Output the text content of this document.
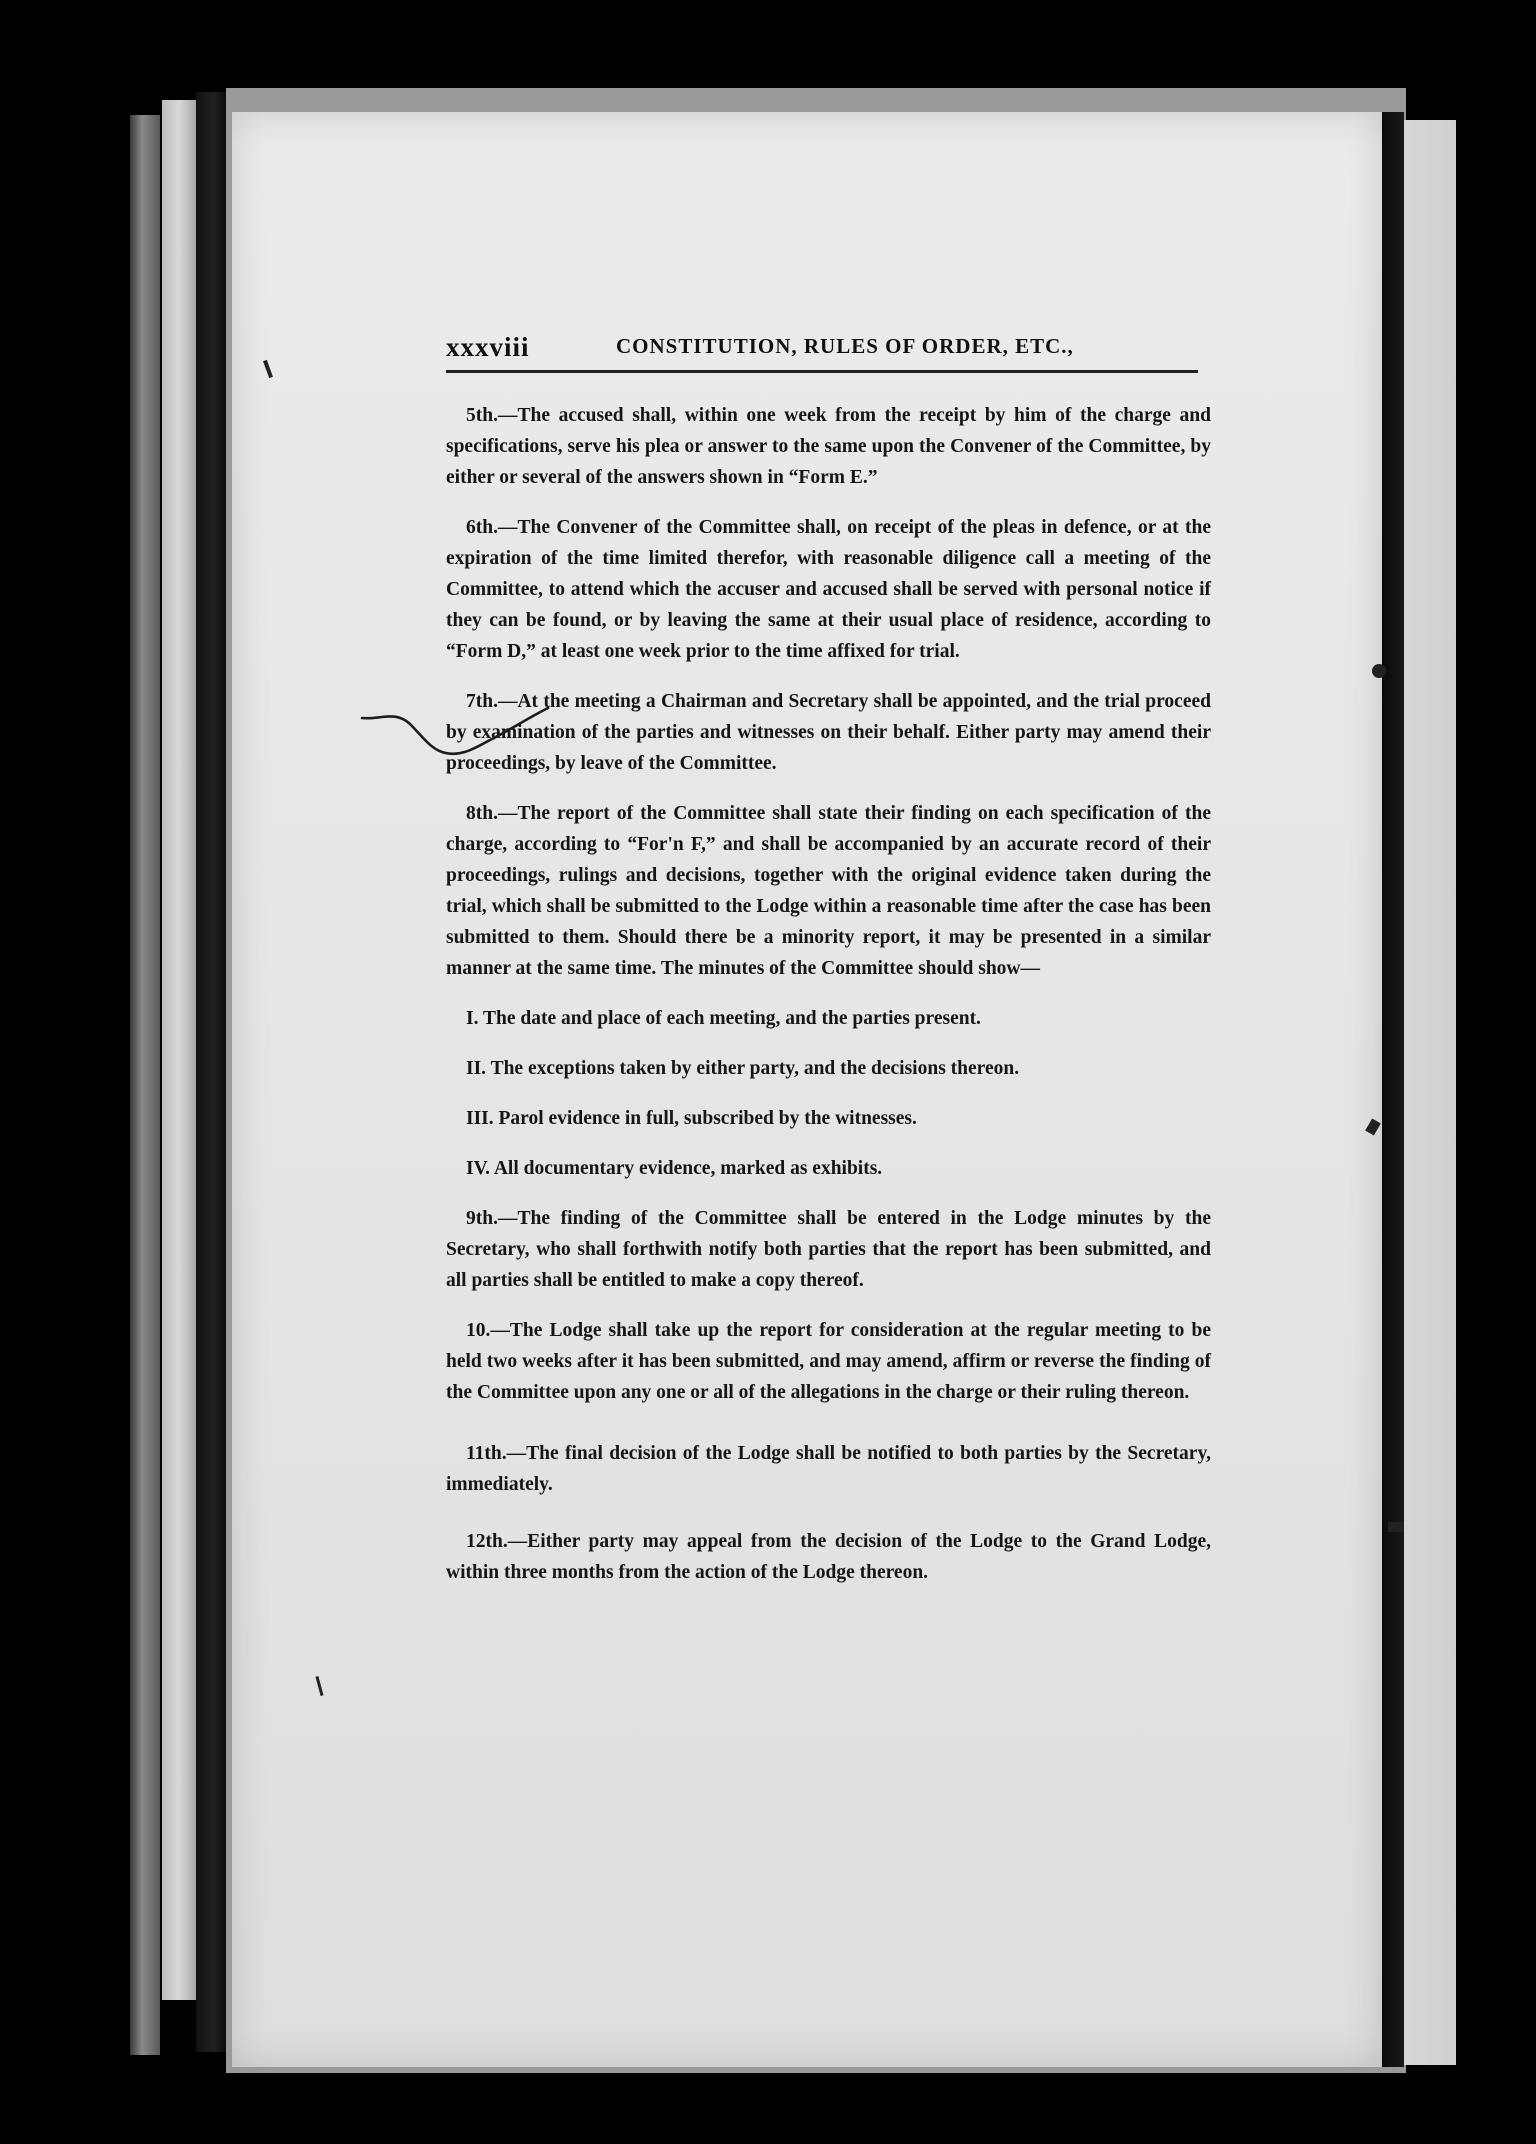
xxxviii	CONSTITUTION, RULES OF ORDER, ETC.,

5th.—The accused shall, within one week from the receipt by him of the charge and specifications, serve his plea or answer to the same upon the Convener of the Committee, by either or several of the answers shown in “Form E.”

6th.—The Convener of the Committee shall, on receipt of the pleas in defence, or at the expiration of the time limited therefor, with reasonable diligence call a meeting of the Committee, to attend which the accuser and accused shall be served with personal notice if they can be found, or by leaving the same at their usual place of residence, according to “Form D,” at least one week prior to the time affixed for trial.

7th.—At the meeting a Chairman and Secretary shall be appointed, and the trial proceed by examination of the parties and witnesses on their behalf. Either party may amend their proceedings, by leave of the Committee.

8th.—The report of the Committee shall state their finding on each specification of the charge, according to “For'n F,” and shall be accompanied by an accurate record of their proceedings, rulings and decisions, together with the original evidence taken during the trial, which shall be submitted to the Lodge within a reasonable time after the case has been submitted to them. Should there be a minority report, it may be presented in a similar manner at the same time. The minutes of the Committee should show—

I. The date and place of each meeting, and the parties present.

II. The exceptions taken by either party, and the decisions thereon.

III. Parol evidence in full, subscribed by the witnesses.

IV. All documentary evidence, marked as exhibits.

9th.—The finding of the Committee shall be entered in the Lodge minutes by the Secretary, who shall forthwith notify both parties that the report has been submitted, and all parties shall be entitled to make a copy thereof.

10.—The Lodge shall take up the report for consideration at the regular meeting to be held two weeks after it has been submitted, and may amend, affirm or reverse the finding of the Committee upon any one or all of the allegations in the charge or their ruling thereon.

11th.—The final decision of the Lodge shall be notified to both parties by the Secretary, immediately.

12th.—Either party may appeal from the decision of the Lodge to the Grand Lodge, within three months from the action of the Lodge thereon.
